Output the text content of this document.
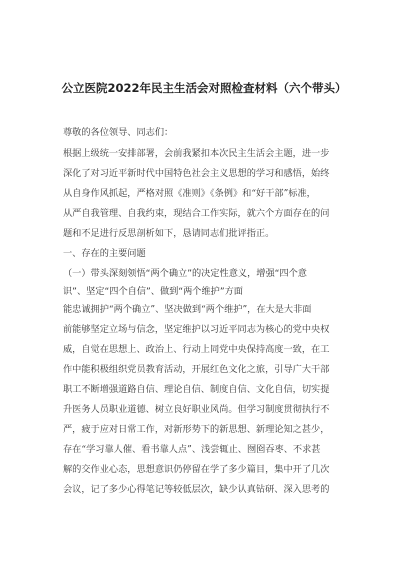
公立医院2022年民主生活会对照检查材料（六个带头）
尊敬的各位领导、同志们：
根据上级统一安排部署，会前我紧扣本次民主生活会主题，进一步
深化了对习近平新时代中国特色社会主义思想的学习和感悟，始终
从自身作风抓起，严格对照《准则》《条例》和“好干部”标准，
从严自我管理、自我约束，现结合工作实际，就六个方面存在的问
题和不足进行反思剖析如下，恳请同志们批评指正。
一、存在的主要问题
（一）带头深刻领悟“两个确立”的决定性意义，增强“四个意
识”、坚定“四个自信”、做到“两个维护”方面
能忠诚拥护“两个确立”、坚决做到“两个维护”，在大是大非面
前能够坚定立场与信念，坚定维护以习近平同志为核心的党中央权
威，自觉在思想上、政治上、行动上同党中央保持高度一致，在工
作中能积极组织党员教育活动，开展红色文化之旅，引导广大干部
职工不断增强道路自信、理论自信、制度自信、文化自信，切实提
升医务人员职业道德、树立良好职业风尚。但学习制度贯彻执行不
严，疲于应对日常工作，对新形势下的新思想、新理论知之甚少，
存在“学习靠人催、看书靠人点”、浅尝辄止、囫囵吞枣、不求甚
解的交作业心态，思想意识仍停留在学了多少篇目，集中开了几次
会议，记了多少心得笔记等较低层次，缺少认真钻研、深入思考的
